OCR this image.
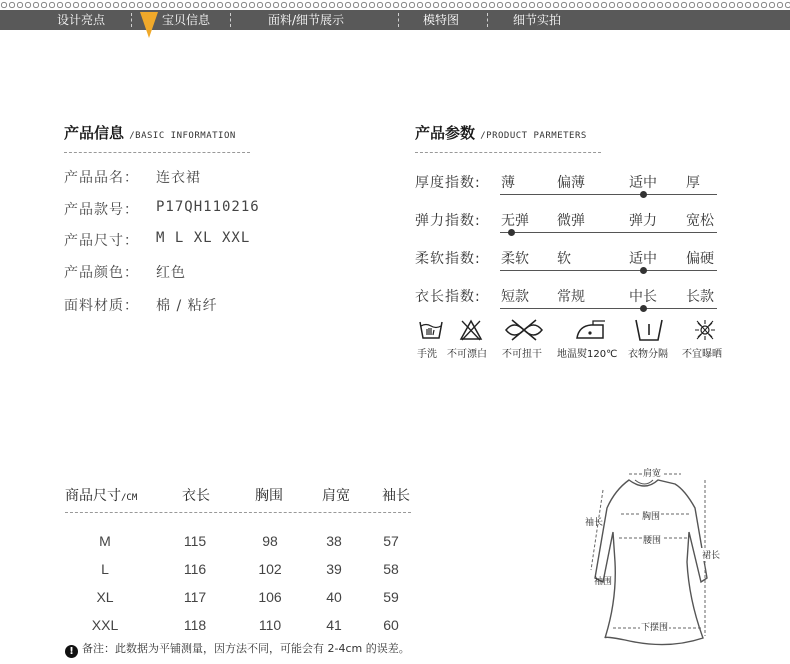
设计亮点	宝贝信息	面料/细节展示	模特图	细节实拍
产品信息 /BASIC INFORMATION
产品品名： 连衣裙
产品款号： P17QH110216
产品尺寸： M L XL XXL
产品颜色： 红色
面料材质： 棉 / 粘纤
产品参数 /PRODUCT PARMETERS
厚度指数: 薄	偏薄	适中 厚
弹力指数: 无弹 微弹	弹力 宽松
柔软指数: 柔软 软	适中 偏硬
衣长指数: 短款 常规	中长 长款
手洗 不可漂白 不可扭干 地温熨120℃ 衣物分隔 不宜曝晒
商品尺寸/CM	衣长	胸围	肩宽 袖长
M	115	98	38	57
L	116	102	39	58
XL	117	106	40	59
XXL	118	110	41	60
! 备注：此数据为平铺测量，因方法不同，可能会有 2-4cm 的误差。
肩宽
袖长
胸围
腰围
裙长
袖围
下摆围
